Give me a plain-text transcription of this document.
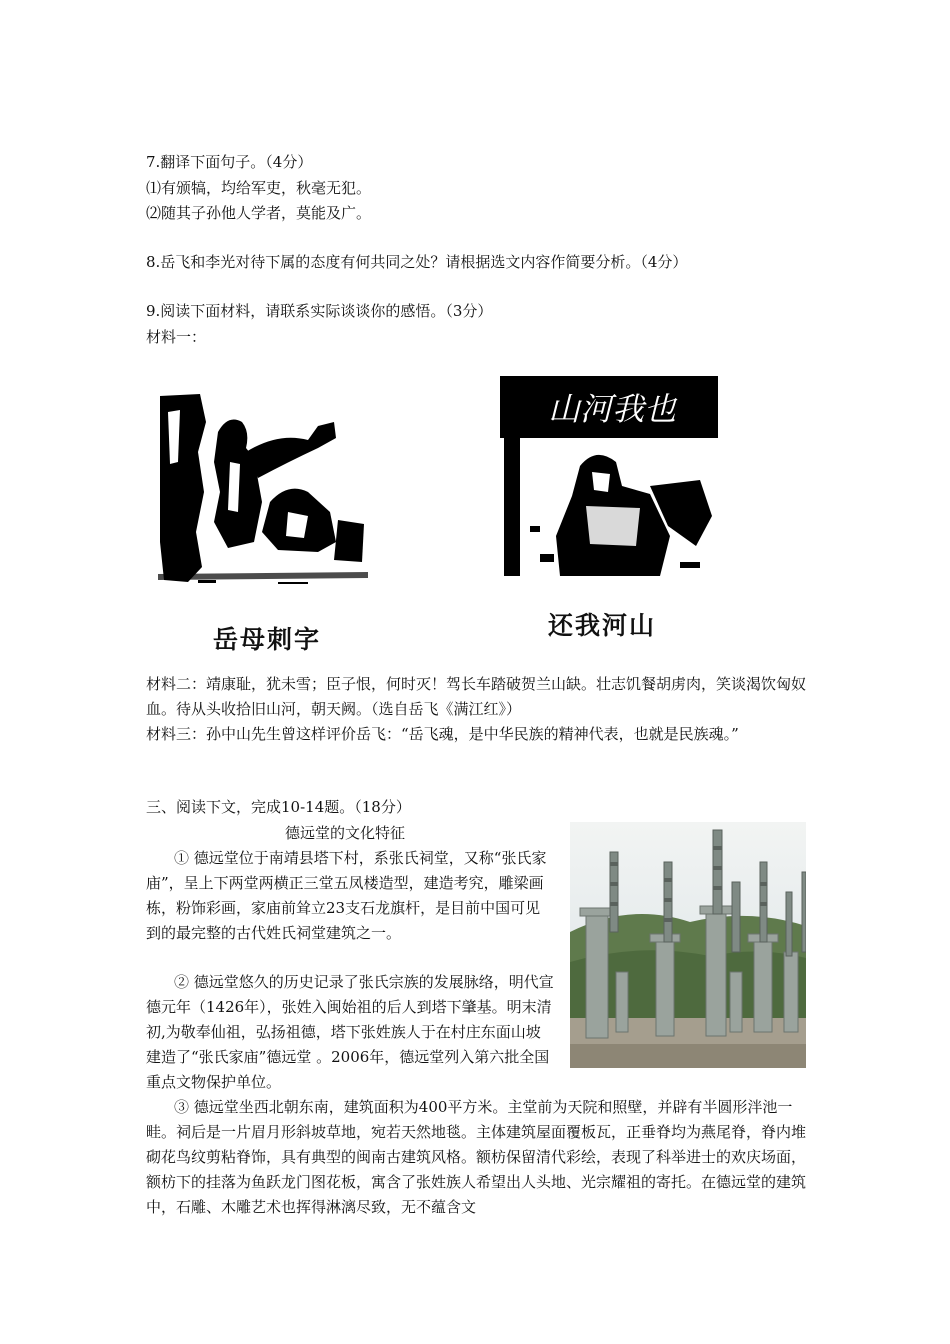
7.翻译下面句子。（4分）
⑴有颁犒，均给军吏，秋毫无犯。
⑵随其子孙他人学者，莫能及广。
8.岳飞和李光对待下属的态度有何共同之处？请根据选文内容作简要分析。（4分）
9.阅读下面材料，请联系实际谈谈你的感悟。（3分）
材料一：
岳母刺字
山河我也
还我河山
材料二：靖康耻，犹未雪；臣子恨，何时灭！驾长车踏破贺兰山缺。壮志饥餐胡虏肉，笑谈渴饮匈奴血。待从头收拾旧山河，朝天阙。（选自岳飞《满江红》）
材料三：孙中山先生曾这样评价岳飞：“岳飞魂，是中华民族的精神代表，也就是民族魂。”
三、阅读下文，完成10-14题。（18分）
德远堂的文化特征
① 德远堂位于南靖县塔下村，系张氏祠堂，又称“张氏家庙”，呈上下两堂两横正三堂五凤楼造型，建造考究，雕梁画栋，粉饰彩画，家庙前耸立23支石龙旗杆，是目前中国可见到的最完整的古代姓氏祠堂建筑之一。
② 德远堂悠久的历史记录了张氏宗族的发展脉络，明代宣德元年（1426年），张姓入闽始祖的后人到塔下肇基。明末清初,为敬奉仙祖，弘扬祖德，塔下张姓族人于在村庄东面山坡建造了“张氏家庙”德远堂 。2006年，德远堂列入第六批全国重点文物保护单位。
③ 德远堂坐西北朝东南，建筑面积为400平方米。主堂前为天院和照壁，并辟有半圆形泮池一畦。祠后是一片眉月形斜坡草地，宛若天然地毯。主体建筑屋面覆板瓦，正垂脊均为燕尾脊，脊内堆砌花鸟纹剪粘脊饰，具有典型的闽南古建筑风格。额枋保留清代彩绘，表现了科举进士的欢庆场面，额枋下的挂落为鱼跃龙门图花板，寓含了张姓族人希望出人头地、光宗耀祖的寄托。在德远堂的建筑中，石雕、木雕艺术也挥得淋漓尽致，无不蕴含文
